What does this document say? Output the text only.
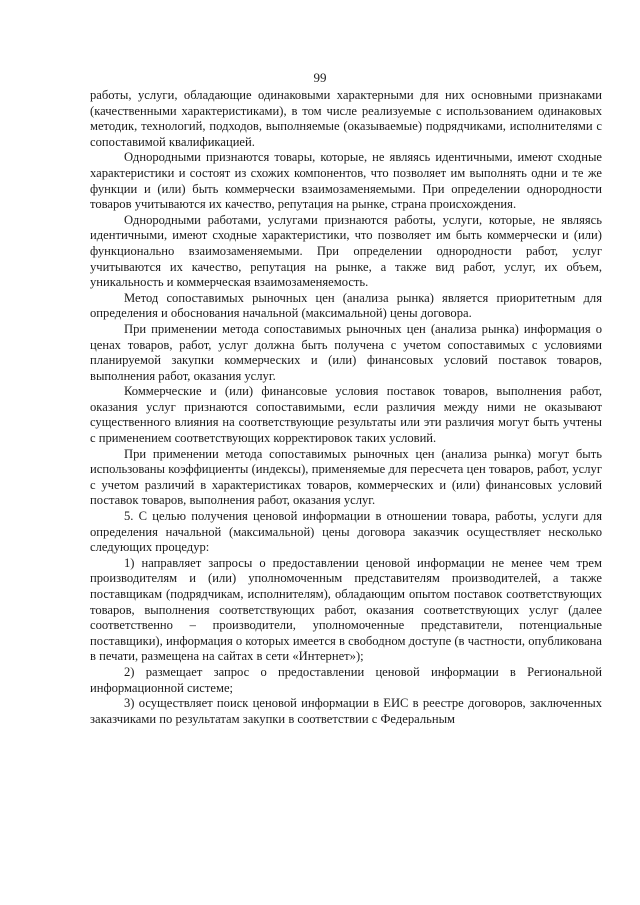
99

работы, услуги, обладающие одинаковыми характерными для них основными признаками (качественными характеристиками), в том числе реализуемые с использованием одинаковых методик, технологий, подходов, выполняемые (оказываемые) подрядчиками, исполнителями с сопоставимой квалификацией.

Однородными признаются товары, которые, не являясь идентичными, имеют сходные характеристики и состоят из схожих компонентов, что позволяет им выполнять одни и те же функции и (или) быть коммерчески взаимозаменяемыми. При определении однородности товаров учитываются их качество, репутация на рынке, страна происхождения.

Однородными работами, услугами признаются работы, услуги, которые, не являясь идентичными, имеют сходные характеристики, что позволяет им быть коммерчески и (или) функционально взаимозаменяемыми. При определении однородности работ, услуг учитываются их качество, репутация на рынке, а также вид работ, услуг, их объем, уникальность и коммерческая взаимозаменяемость.

Метод сопоставимых рыночных цен (анализа рынка) является приоритетным для определения и обоснования начальной (максимальной) цены договора.

При применении метода сопоставимых рыночных цен (анализа рынка) информация о ценах товаров, работ, услуг должна быть получена с учетом сопоставимых с условиями планируемой закупки коммерческих и (или) финансовых условий поставок товаров, выполнения работ, оказания услуг.

Коммерческие и (или) финансовые условия поставок товаров, выполнения работ, оказания услуг признаются сопоставимыми, если различия между ними не оказывают существенного влияния на соответствующие результаты или эти различия могут быть учтены с применением соответствующих корректировок таких условий.

При применении метода сопоставимых рыночных цен (анализа рынка) могут быть использованы коэффициенты (индексы), применяемые для пересчета цен товаров, работ, услуг с учетом различий в характеристиках товаров, коммерческих и (или) финансовых условий поставок товаров, выполнения работ, оказания услуг.

5. С целью получения ценовой информации в отношении товара, работы, услуги для определения начальной (максимальной) цены договора заказчик осуществляет несколько следующих процедур:

1) направляет запросы о предоставлении ценовой информации не менее чем трем производителям и (или) уполномоченным представителям производителей, а также поставщикам (подрядчикам, исполнителям), обладающим опытом поставок соответствующих товаров, выполнения соответствующих работ, оказания соответствующих услуг (далее соответственно – производители, уполномоченные представители, потенциальные поставщики), информация о которых имеется в свободном доступе (в частности, опубликована в печати, размещена на сайтах в сети «Интернет»);

2) размещает запрос о предоставлении ценовой информации в Региональной информационной системе;

3) осуществляет поиск ценовой информации в ЕИС в реестре договоров, заключенных заказчиками по результатам закупки в соответствии с Федеральным
